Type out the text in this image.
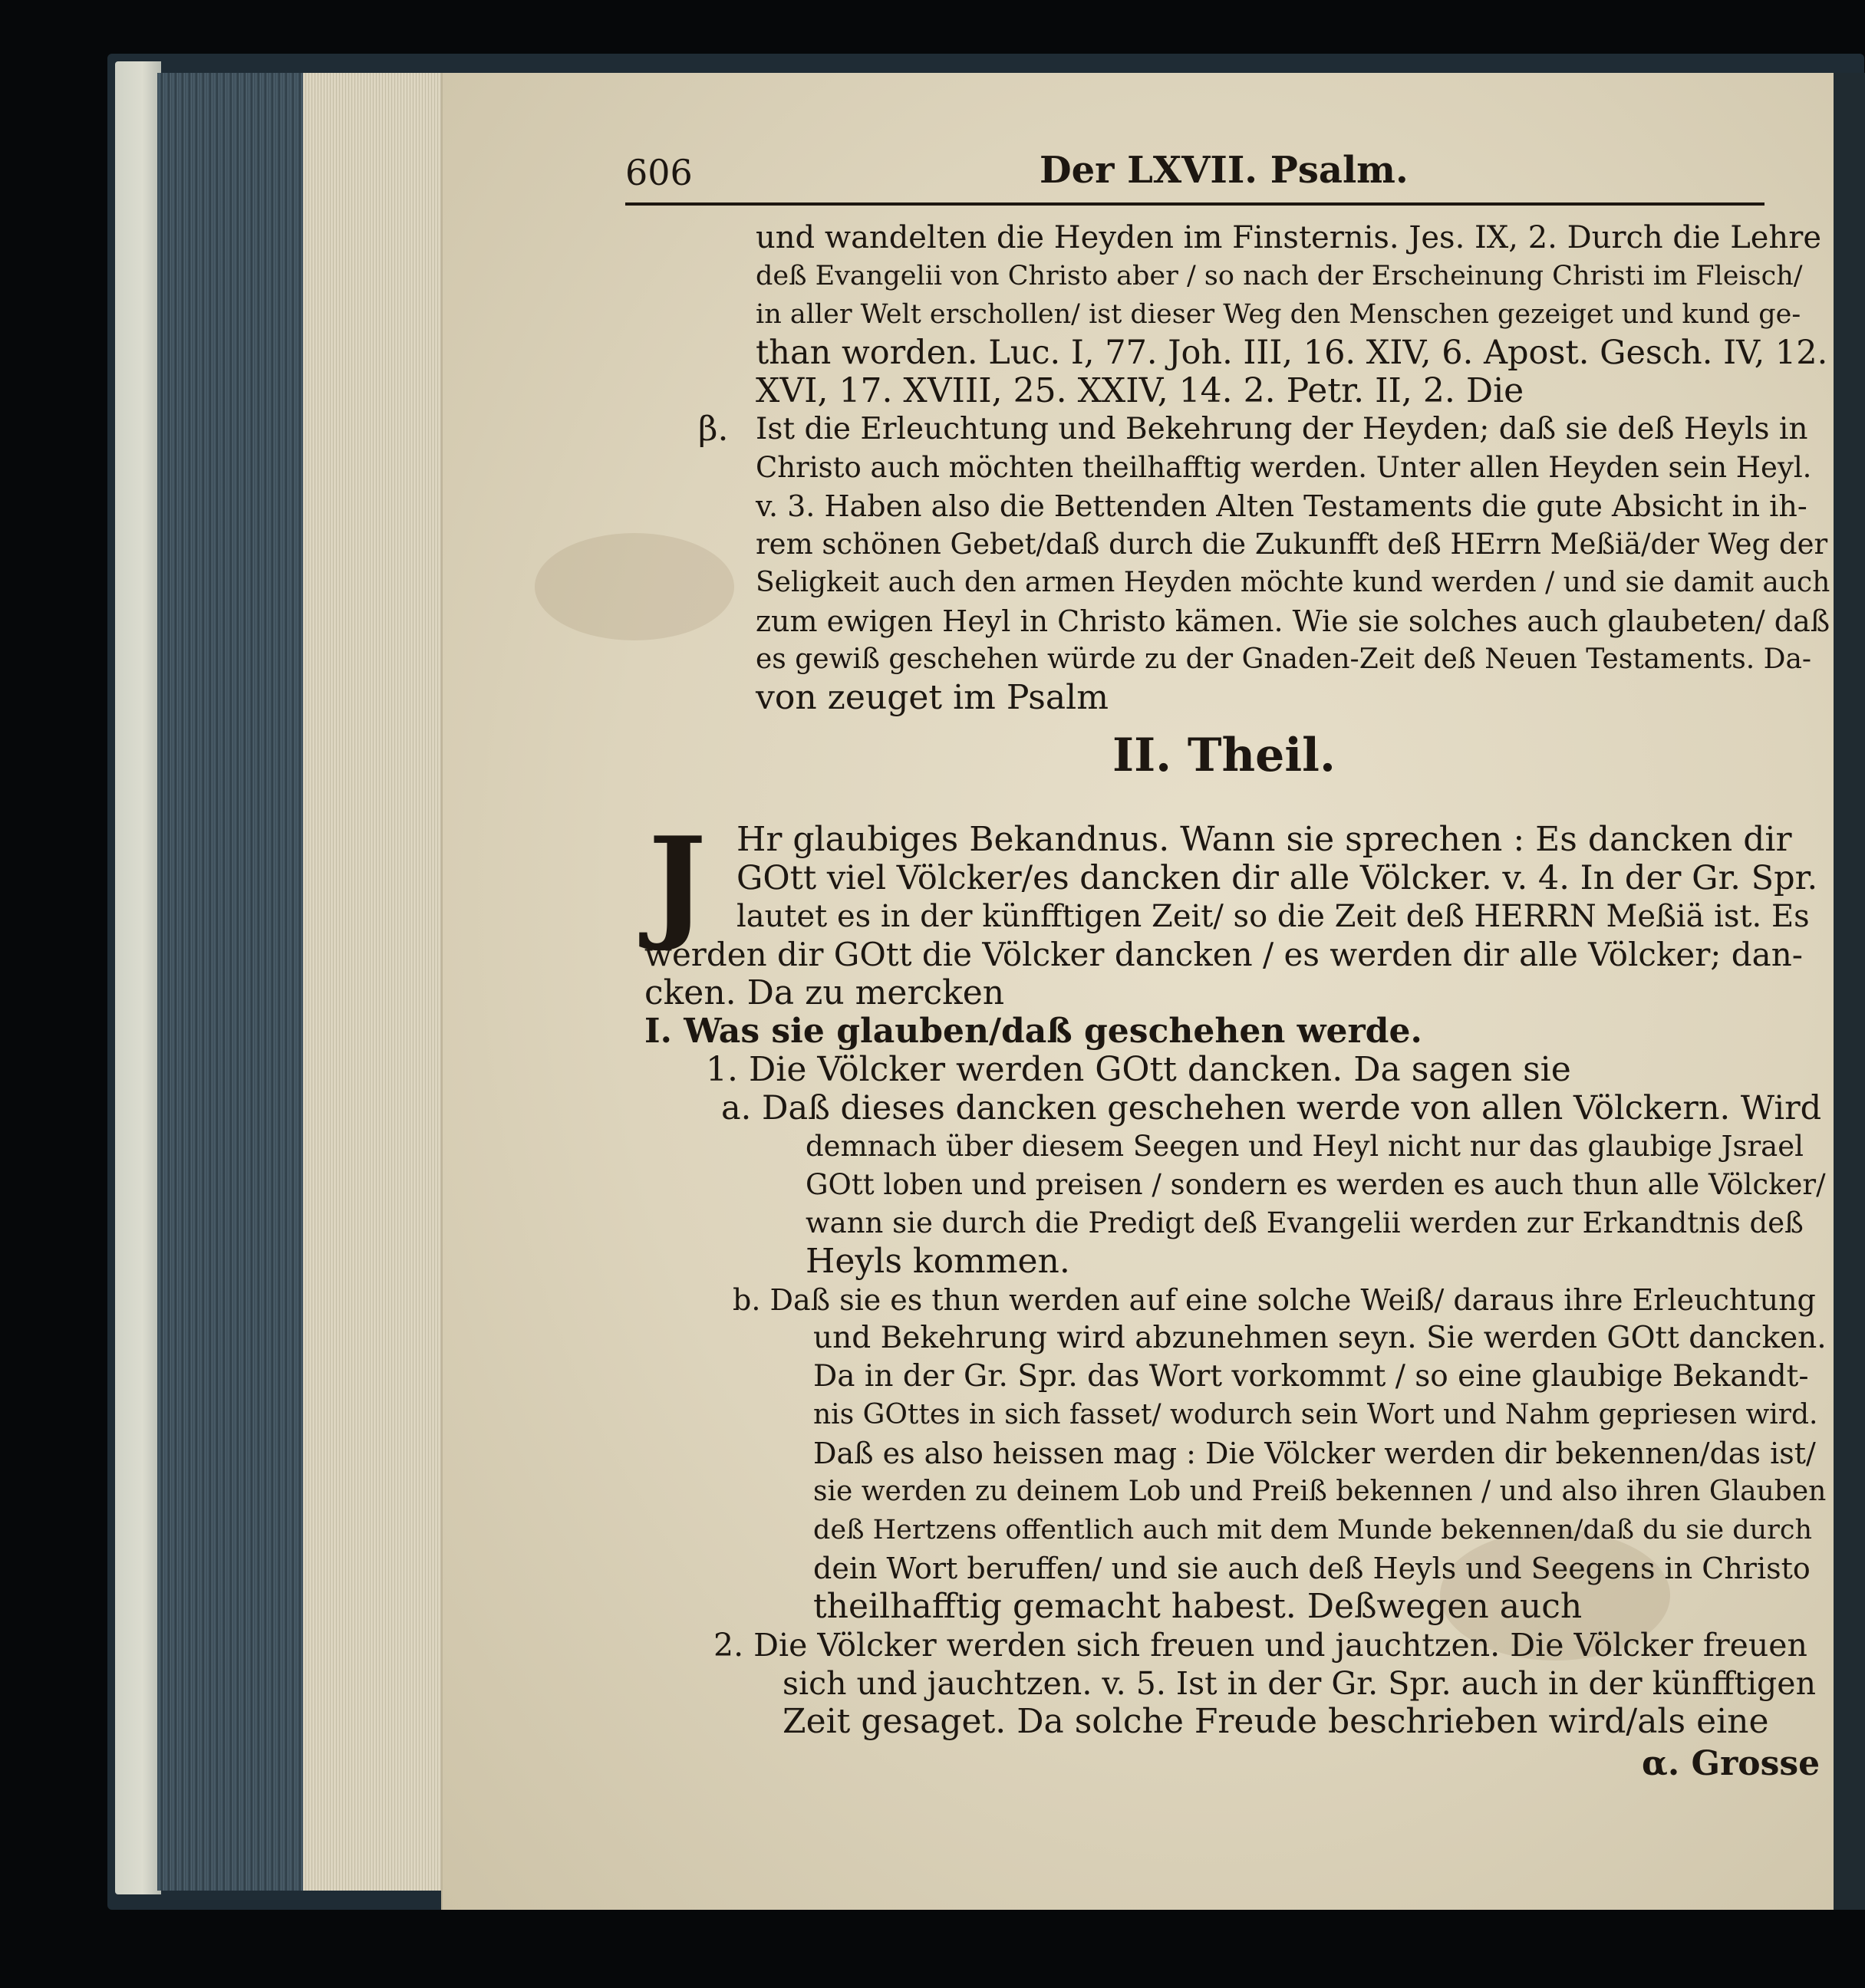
606	Der LXVII. Psalm.
und wandelten die Heyden im Finsternis. Jes. IX, 2. Durch die Lehre
deß Evangelii von Christo aber / so nach der Erscheinung Christi im Fleisch/
in aller Welt erschollen/ ist dieser Weg den Menschen gezeiget und kund ge-
than worden. Luc. I, 77. Joh. III, 16. XIV, 6. Apost. Gesch. IV, 12.
XVI, 17. XVIII, 25. XXIV, 14. 2. Petr. II, 2. Die
β. Ist die Erleuchtung und Bekehrung der Heyden; daß sie deß Heyls in
Christo auch möchten theilhafftig werden. Unter allen Heyden sein Heyl.
v. 3. Haben also die Bettenden Alten Testaments die gute Absicht in ih-
rem schönen Gebet/daß durch die Zukunfft deß HErrn Meßiä/der Weg der
Seligkeit auch den armen Heyden möchte kund werden / und sie damit auch
zum ewigen Heyl in Christo kämen. Wie sie solches auch glaubeten/ daß
es gewiß geschehen würde zu der Gnaden-Zeit deß Neuen Testaments. Da-
von zeuget im Psalm
II. Theil.
J Hr glaubiges Bekandnus. Wann sie sprechen : Es dancken dir
GOtt viel Völcker/es dancken dir alle Völcker. v. 4. In der Gr. Spr.
lautet es in der künfftigen Zeit/ so die Zeit deß HERRN Meßiä ist. Es
werden dir GOtt die Völcker dancken / es werden dir alle Völcker; dan-
cken. Da zu mercken
I. Was sie glauben/daß geschehen werde.
1. Die Völcker werden GOtt dancken. Da sagen sie
a. Daß dieses dancken geschehen werde von allen Völckern. Wird
demnach über diesem Seegen und Heyl nicht nur das glaubige Jsrael
GOtt loben und preisen / sondern es werden es auch thun alle Völcker/
wann sie durch die Predigt deß Evangelii werden zur Erkandtnis deß
Heyls kommen.
b. Daß sie es thun werden auf eine solche Weiß/ daraus ihre Erleuchtung
und Bekehrung wird abzunehmen seyn. Sie werden GOtt dancken.
Da in der Gr. Spr. das Wort vorkommt / so eine glaubige Bekandt-
nis GOttes in sich fasset/ wodurch sein Wort und Nahm gepriesen wird.
Daß es also heissen mag : Die Völcker werden dir bekennen/das ist/
sie werden zu deinem Lob und Preiß bekennen / und also ihren Glauben
deß Hertzens offentlich auch mit dem Munde bekennen/daß du sie durch
dein Wort beruffen/ und sie auch deß Heyls und Seegens in Christo
theilhafftig gemacht habest. Deßwegen auch
2. Die Völcker werden sich freuen und jauchtzen. Die Völcker freuen
sich und jauchtzen. v. 5. Ist in der Gr. Spr. auch in der künfftigen
Zeit gesaget. Da solche Freude beschrieben wird/als eine
α. Grosse
